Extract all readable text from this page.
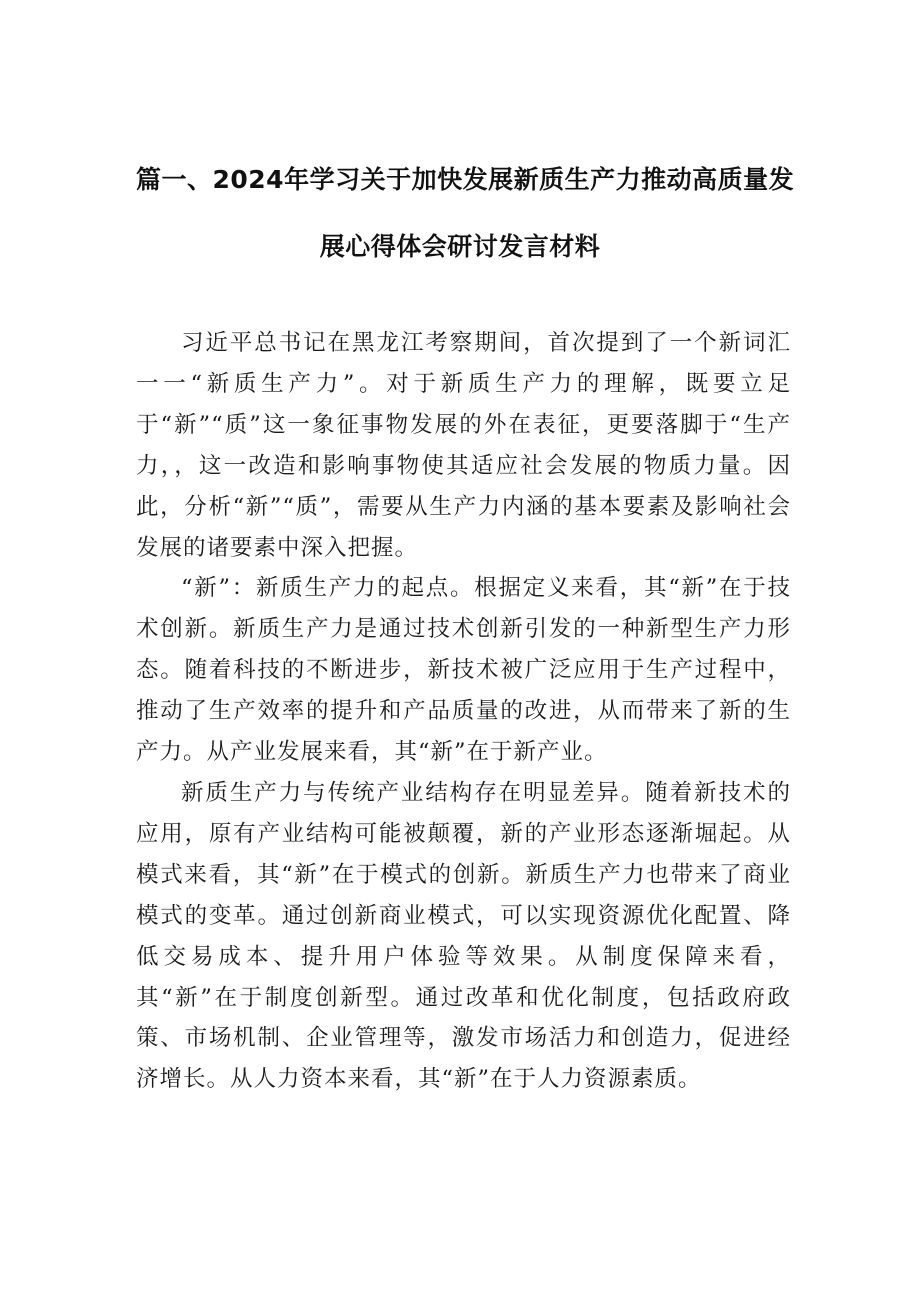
篇一、2024年学习关于加快发展新质生产力推动高质量发
展心得体会研讨发言材料

习近平总书记在黑龙江考察期间，首次提到了一个新词汇一一“新质生产力”。对于新质生产力的理解，既要立足于“新”“质”这一象征事物发展的外在表征，更要落脚于“生产力，，这一改造和影响事物使其适应社会发展的物质力量。因此，分析“新”“质”，需要从生产力内涵的基本要素及影响社会发展的诸要素中深入把握。

“新”：新质生产力的起点。根据定义来看，其“新”在于技术创新。新质生产力是通过技术创新引发的一种新型生产力形态。随着科技的不断进步，新技术被广泛应用于生产过程中，推动了生产效率的提升和产品质量的改进，从而带来了新的生产力。从产业发展来看，其“新”在于新产业。

新质生产力与传统产业结构存在明显差异。随着新技术的应用，原有产业结构可能被颠覆，新的产业形态逐渐堀起。从模式来看，其“新”在于模式的创新。新质生产力也带来了商业模式的变革。通过创新商业模式，可以实现资源优化配置、降低交易成本、提升用户体验等效果。从制度保障来看，其“新”在于制度创新型。通过改革和优化制度，包括政府政策、市场机制、企业管理等，激发市场活力和创造力，促进经济增长。从人力资本来看，其“新”在于人力资源素质。
